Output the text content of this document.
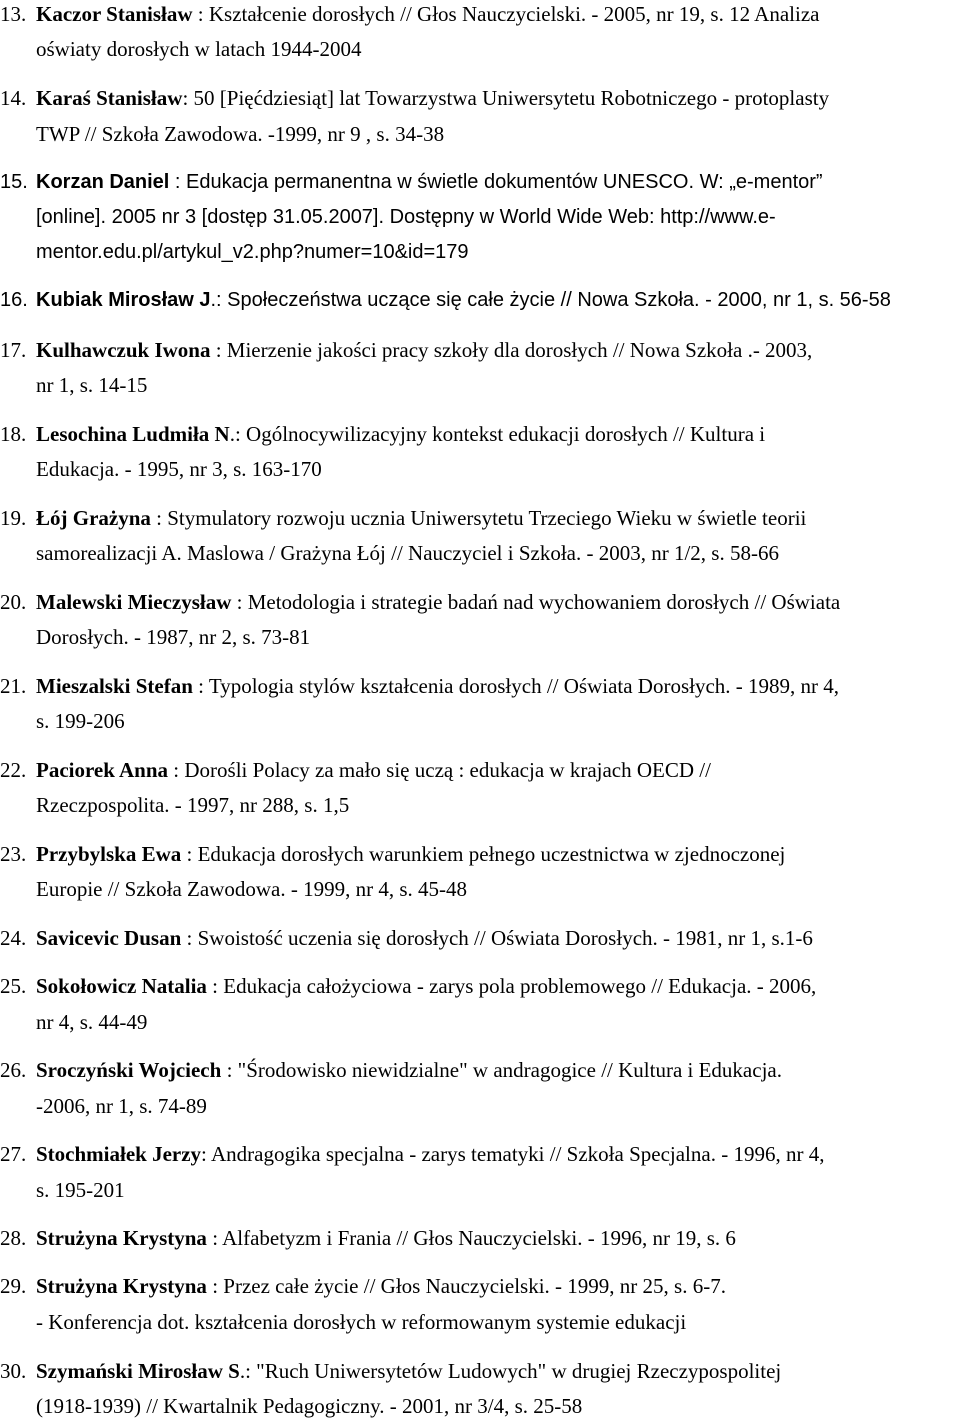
13. Kaczor Stanisław : Kształcenie dorosłych // Głos Nauczycielski. - 2005, nr 19, s. 12 Analiza
oświaty dorosłych w latach 1944-2004
14. Karaś Stanisław: 50 [Pięćdziesiąt] lat Towarzystwa Uniwersytetu Robotniczego - protoplasty
TWP // Szkoła Zawodowa. -1999, nr 9 , s. 34-38
15. Korzan Daniel : Edukacja permanentna w świetle dokumentów UNESCO. W: „e-mentor”
[online]. 2005 nr 3 [dostęp 31.05.2007]. Dostępny w World Wide Web: http://www.e-
mentor.edu.pl/artykul_v2.php?numer=10&id=179
16. Kubiak Mirosław J.: Społeczeństwa uczące się całe życie // Nowa Szkoła. - 2000, nr 1, s. 56-58
17. Kulhawczuk Iwona : Mierzenie jakości pracy szkoły dla dorosłych // Nowa Szkoła .- 2003,
nr 1, s. 14-15
18. Lesochina Ludmiła N.: Ogólnocywilizacyjny kontekst edukacji dorosłych // Kultura i
Edukacja. - 1995, nr 3, s. 163-170
19. Łój Grażyna : Stymulatory rozwoju ucznia Uniwersytetu Trzeciego Wieku w świetle teorii
samorealizacji A. Maslowa / Grażyna Łój // Nauczyciel i Szkoła. - 2003, nr 1/2, s. 58-66
20. Malewski Mieczysław : Metodologia i strategie badań nad wychowaniem dorosłych // Oświata
Dorosłych. - 1987, nr 2, s. 73-81
21. Mieszalski Stefan : Typologia stylów kształcenia dorosłych // Oświata Dorosłych. - 1989, nr 4,
s. 199-206
22. Paciorek Anna : Dorośli Polacy za mało się uczą : edukacja w krajach OECD //
Rzeczpospolita. - 1997, nr 288, s. 1,5
23. Przybylska Ewa : Edukacja dorosłych warunkiem pełnego uczestnictwa w zjednoczonej
Europie // Szkoła Zawodowa. - 1999, nr 4, s. 45-48
24. Savicevic Dusan : Swoistość uczenia się dorosłych // Oświata Dorosłych. - 1981, nr 1, s.1-6
25. Sokołowicz Natalia : Edukacja całożyciowa - zarys pola problemowego // Edukacja. - 2006,
nr 4, s. 44-49
26. Sroczyński Wojciech : "Środowisko niewidzialne" w andragogice // Kultura i Edukacja.
-2006, nr 1, s. 74-89
27. Stochmiałek Jerzy: Andragogika specjalna - zarys tematyki // Szkoła Specjalna. - 1996, nr 4,
s. 195-201
28. Strużyna Krystyna : Alfabetyzm i Frania // Głos Nauczycielski. - 1996, nr 19, s. 6
29. Strużyna Krystyna : Przez całe życie // Głos Nauczycielski. - 1999, nr 25, s. 6-7.
- Konferencja dot. kształcenia dorosłych w reformowanym systemie edukacji
30. Szymański Mirosław S.: "Ruch Uniwersytetów Ludowych" w drugiej Rzeczypospolitej
(1918-1939) // Kwartalnik Pedagogiczny. - 2001, nr 3/4, s. 25-58
